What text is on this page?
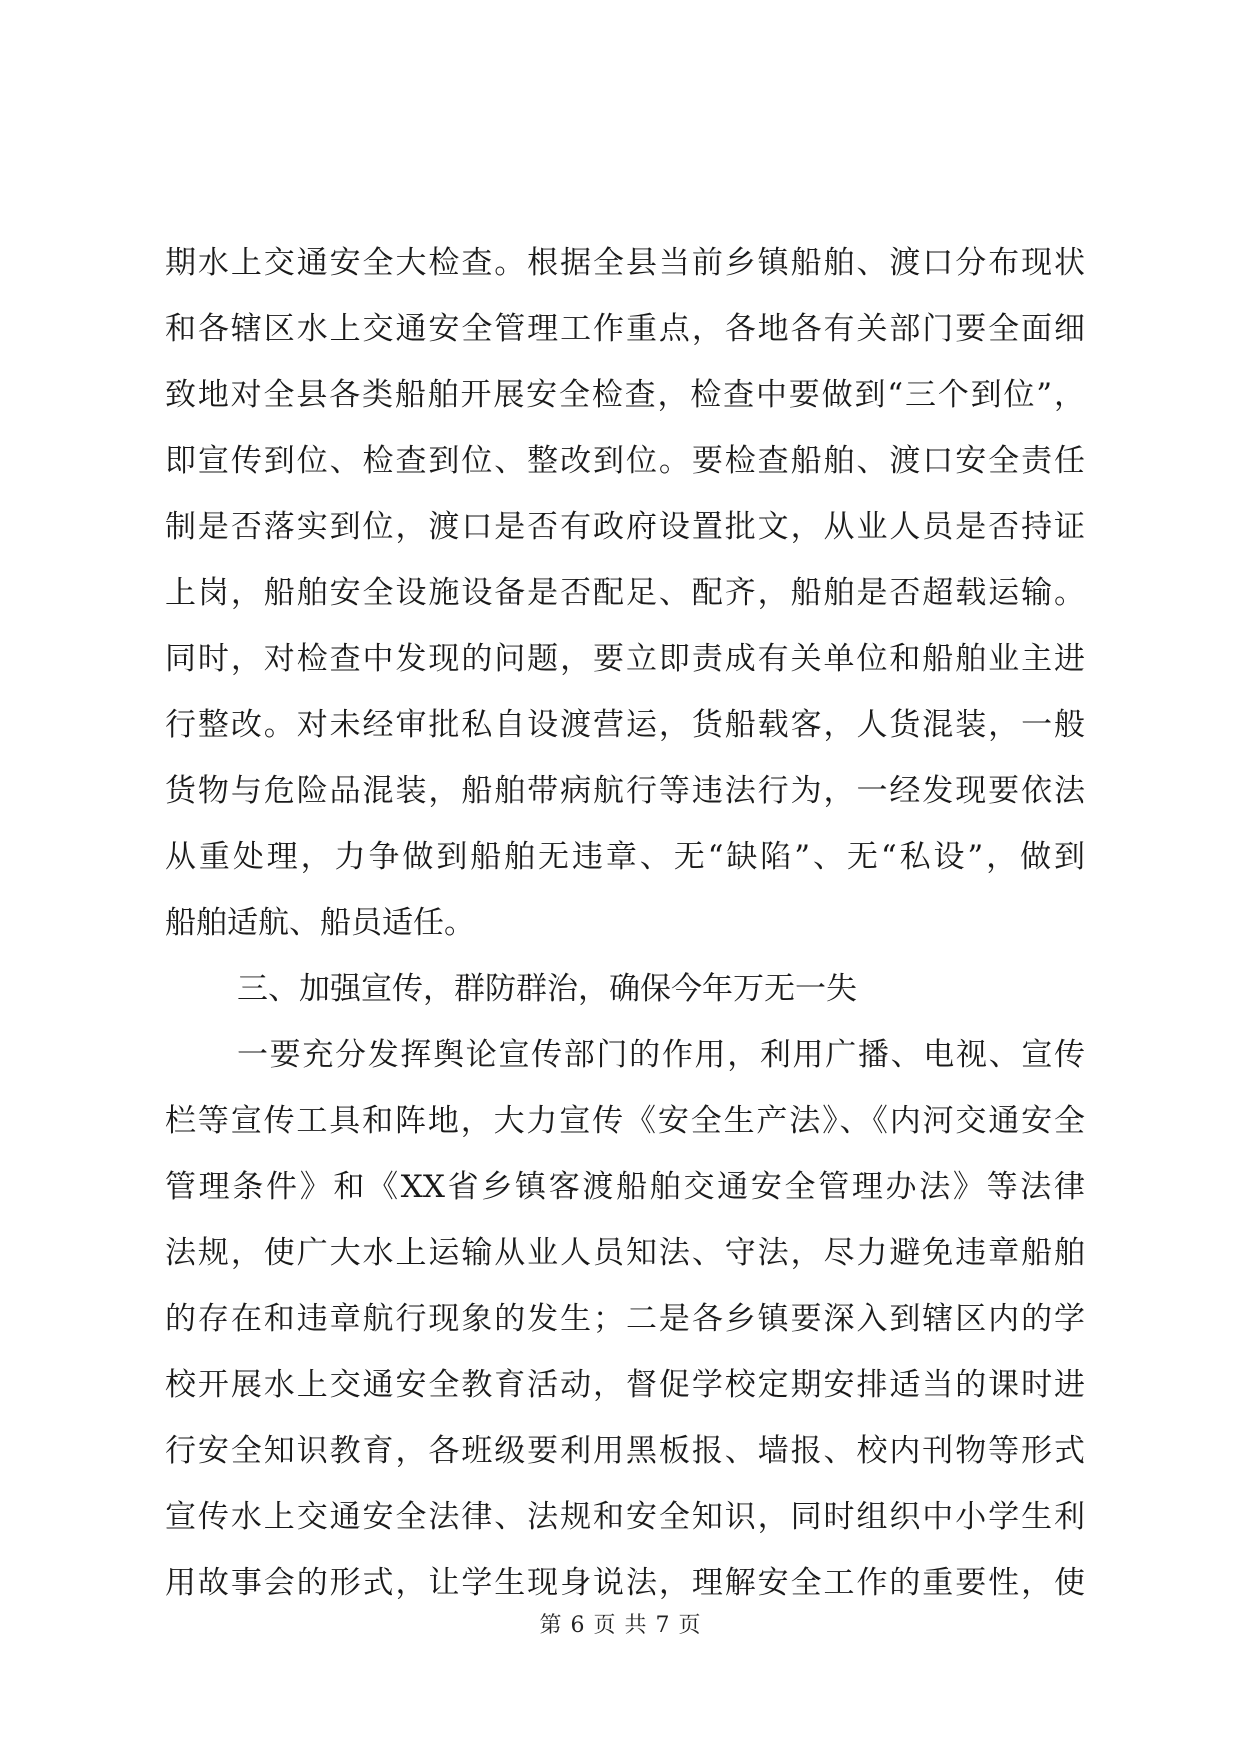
期水上交通安全大检查。根据全县当前乡镇船舶、渡口分布现状
和各辖区水上交通安全管理工作重点，各地各有关部门要全面细
致地对全县各类船舶开展安全检查，检查中要做到“三个到位”，
即宣传到位、检查到位、整改到位。要检查船舶、渡口安全责任
制是否落实到位，渡口是否有政府设置批文，从业人员是否持证
上岗，船舶安全设施设备是否配足、配齐，船舶是否超载运输。
同时，对检查中发现的问题，要立即责成有关单位和船舶业主进
行整改。对未经审批私自设渡营运，货船载客，人货混装，一般
货物与危险品混装，船舶带病航行等违法行为，一经发现要依法
从重处理，力争做到船舶无违章、无“缺陷”、无“私设”，做到
船舶适航、船员适任。
三、加强宣传，群防群治，确保今年万无一失
一要充分发挥舆论宣传部门的作用，利用广播、电视、宣传
栏等宣传工具和阵地，大力宣传《安全生产法》、《内河交通安全
管理条件》和《XX省乡镇客渡船舶交通安全管理办法》等法律
法规，使广大水上运输从业人员知法、守法，尽力避免违章船舶
的存在和违章航行现象的发生；二是各乡镇要深入到辖区内的学
校开展水上交通安全教育活动，督促学校定期安排适当的课时进
行安全知识教育，各班级要利用黑板报、墙报、校内刊物等形式
宣传水上交通安全法律、法规和安全知识，同时组织中小学生利
用故事会的形式，让学生现身说法，理解安全工作的重要性，使
第 6 页 共 7 页
